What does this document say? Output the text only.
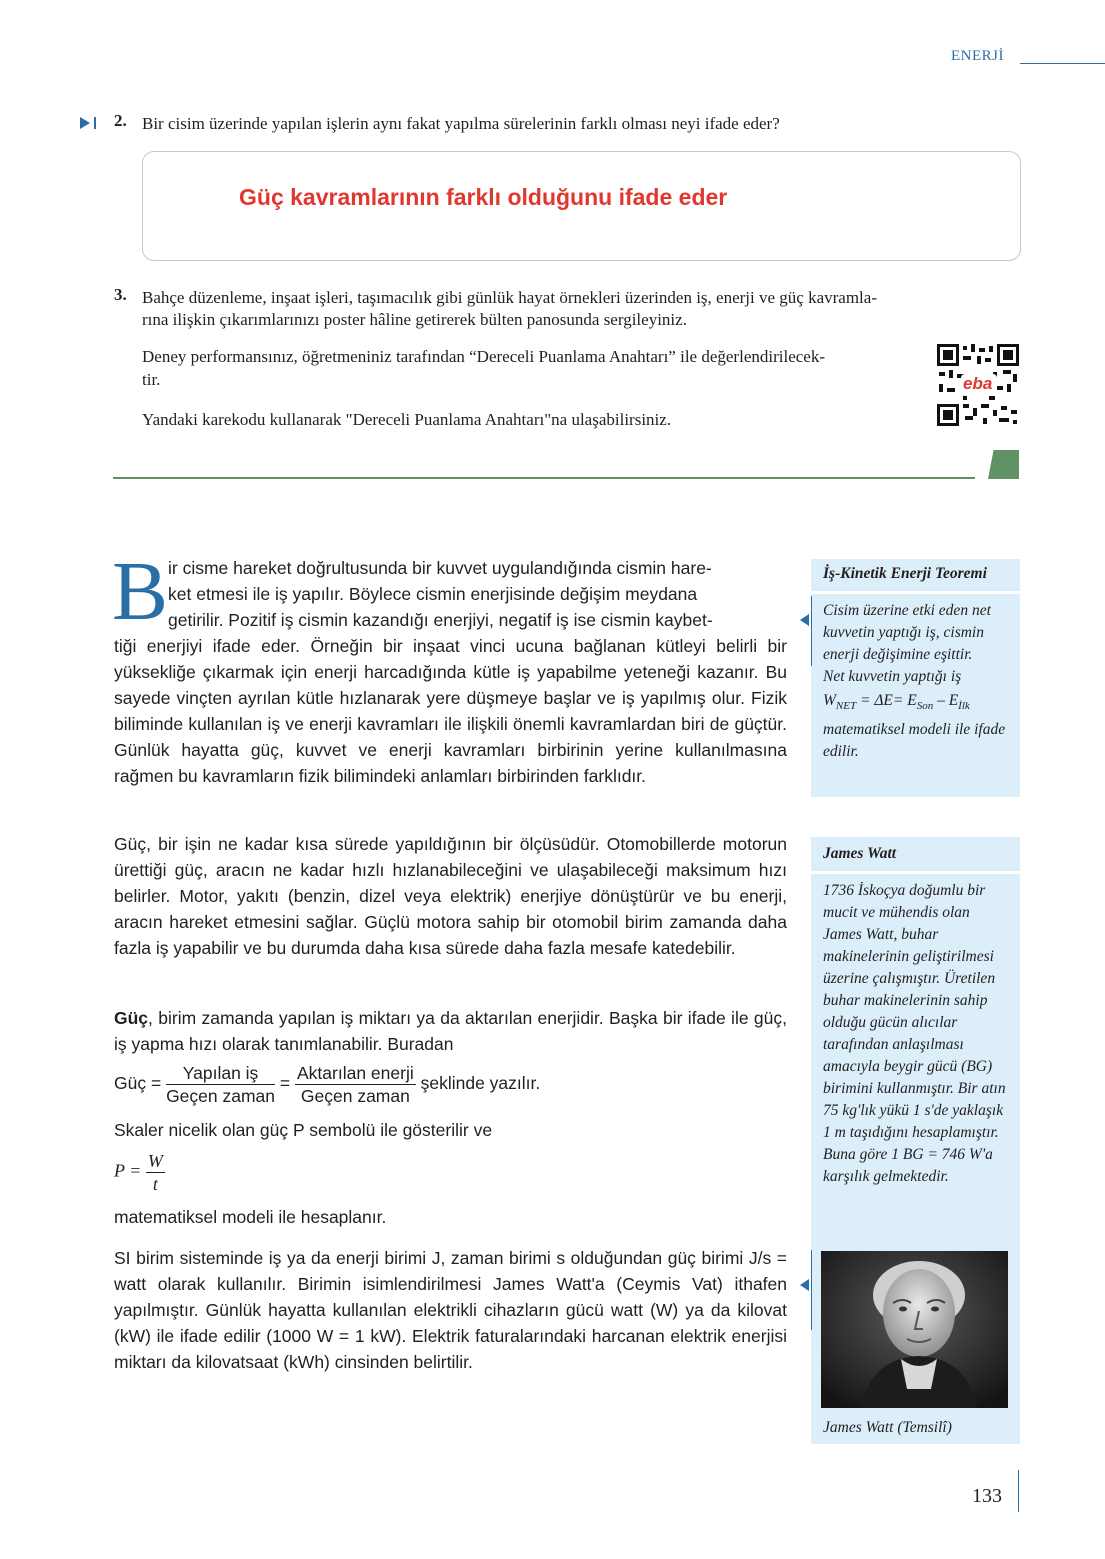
ENERJİ
2. Bir cisim üzerinde yapılan işlerin aynı fakat yapılma sürelerinin farklı olması neyi ifade eder?
Güç kavramlarının farklı olduğunu ifade eder
3. Bahçe düzenleme, inşaat işleri, taşımacılık gibi günlük hayat örnekleri üzerinden iş, enerji ve güç kavramla-
rına ilişkin çıkarımlarınızı poster hâline getirerek bülten panosunda sergileyiniz.
Deney performansınız, öğretmeniniz tarafından “Dereceli Puanlama Anahtarı” ile değerlendirilecek-
tir.
Yandaki karekodu kullanarak "Dereceli Puanlama Anahtarı"na ulaşabilirsiniz.
eba
B ir cisme hareket doğrultusunda bir kuvvet uygulandığında cismin hare-
ket etmesi ile iş yapılır. Böylece cismin enerjisinde değişim meydana
getirilir. Pozitif iş cismin kazandığı enerjiyi, negatif iş ise cismin kaybet-
tiği enerjiyi ifade eder. Örneğin bir inşaat vinci ucuna bağlanan kütleyi belirli bir yüksekliğe çıkarmak için enerji harcadığında kütle iş yapabilme yeteneği kazanır. Bu sayede vinçten ayrılan kütle hızlanarak yere düşmeye başlar ve iş yapılmış olur. Fizik biliminde kullanılan iş ve enerji kavramları ile ilişkili önemli kavramlardan biri de güçtür. Günlük hayatta güç, kuvvet ve enerji kavramları birbirinin yerine kullanılmasına rağmen bu kavramların fizik bilimindeki anlamları birbirinden farklıdır.
Güç, bir işin ne kadar kısa sürede yapıldığının bir ölçüsüdür. Otomobillerde motorun ürettiği güç, aracın ne kadar hızlı hızlanabileceğini ve ulaşabileceği maksimum hızı belirler. Motor, yakıtı (benzin, dizel veya elektrik) enerjiye dönüştürür ve bu enerji, aracın hareket etmesini sağlar. Güçlü motora sahip bir otomobil birim zamanda daha fazla iş yapabilir ve bu durumda daha kısa sürede daha fazla mesafe katedebilir.
Güç, birim zamanda yapılan iş miktarı ya da aktarılan enerjidir. Başka bir ifade ile güç, iş yapma hızı olarak tanımlanabilir. Buradan
Güç = $\frac{\text{Yapılan iş}}{\text{Geçen zaman}} = \frac{\text{Aktarılan enerji}}{\text{Geçen zaman}}$ şeklinde yazılır.
Skaler nicelik olan güç P sembolü ile gösterilir ve
$P = \frac{W}{t}$
matematiksel modeli ile hesaplanır.
SI birim sisteminde iş ya da enerji birimi J, zaman birimi s olduğundan güç birimi J/s = watt olarak kullanılır. Birimin isimlendirilmesi James Watt'a (Ceymis Vat) ithafen yapılmıştır. Günlük hayatta kullanılan elektrikli cihazların gücü watt (W) ya da kilovat (kW) ile ifade edilir (1000 W = 1 kW). Elektrik faturalarındaki harcanan elektrik enerjisi miktarı da kilovatsaat (kWh) cinsinden belirtilir.
İş-Kinetik Enerji Teoremi
Cisim üzerine etki eden net kuvvetin yaptığı iş, cismin enerji değişimine eşittir.
Net kuvvetin yaptığı iş
$W_{NET} = \Delta E= E_{Son} - E_{İlk}$
matematiksel modeli ile ifade edilir.
James Watt
1736 İskoçya doğumlu bir mucit ve mühendis olan James Watt, buhar makinelerinin geliştirilmesi üzerine çalışmıştır. Üretilen buhar makinelerinin sahip olduğu gücün alıcılar tarafından anlaşılması amacıyla beygir gücü (BG) birimini kullanmıştır. Bir atın 75 kg'lık yükü 1 s'de yaklaşık 1 m taşıdığını hesaplamıştır. Buna göre 1 BG = 746 W'a karşılık gelmektedir.
James Watt (Temsilî)
133
